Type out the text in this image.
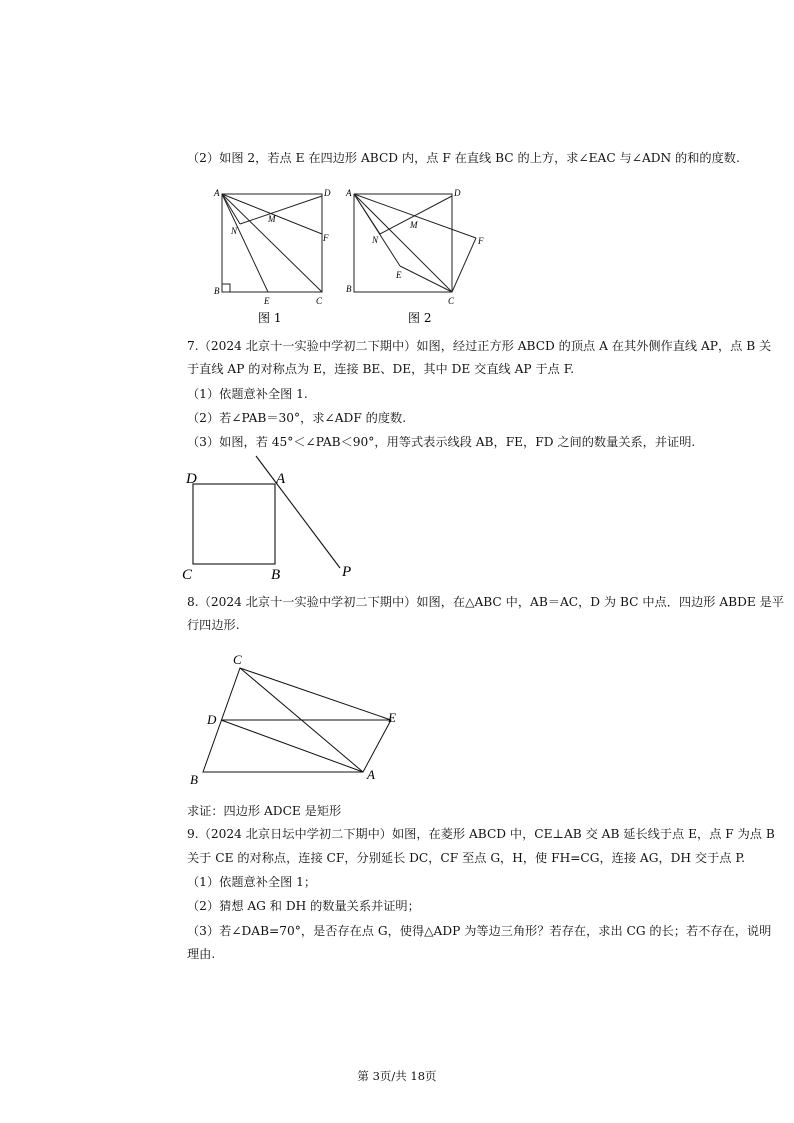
（2）如图 2，若点 E 在四边形 ABCD 内，点 F 在直线 BC 的上方，求∠EAC 与∠ADN 的和的度数.
A	D
M
N
F
B
E	C
图 1
A	D
M
N	F
B
E
C
图 2
7.（2024 北京十一实验中学初二下期中）如图，经过正方形 ABCD 的顶点 A 在其外侧作直线 AP，点 B 关
于直线 AP 的对称点为 E，连接 BE、DE，其中 DE 交直线 AP 于点 F.
（1）依题意补全图 1.
（2）若∠PAB＝30°，求∠ADF 的度数.
（3）如图，若 45°＜∠PAB＜90°，用等式表示线段 AB，FE，FD 之间的数量关系，并证明.
D	A
C	B	P
8.（2024 北京十一实验中学初二下期中）如图，在△ABC 中，AB＝AC，D 为 BC 中点．四边形 ABDE 是平
行四边形.
C
D	E
B	A
求证：四边形 ADCE 是矩形
9.（2024 北京日坛中学初二下期中）如图，在菱形 ABCD 中，CE⊥AB 交 AB 延长线于点 E，点 F 为点 B
关于 CE 的对称点，连接 CF，分别延长 DC，CF 至点 G，H，使 FH=CG，连接 AG，DH 交于点 P.
（1）依题意补全图 1；
（2）猜想 AG 和 DH 的数量关系并证明；
（3）若∠DAB=70°，是否存在点 G，使得△ADP 为等边三角形？若存在，求出 CG 的长；若不存在，说明
理由.
第 3页/共 18页
